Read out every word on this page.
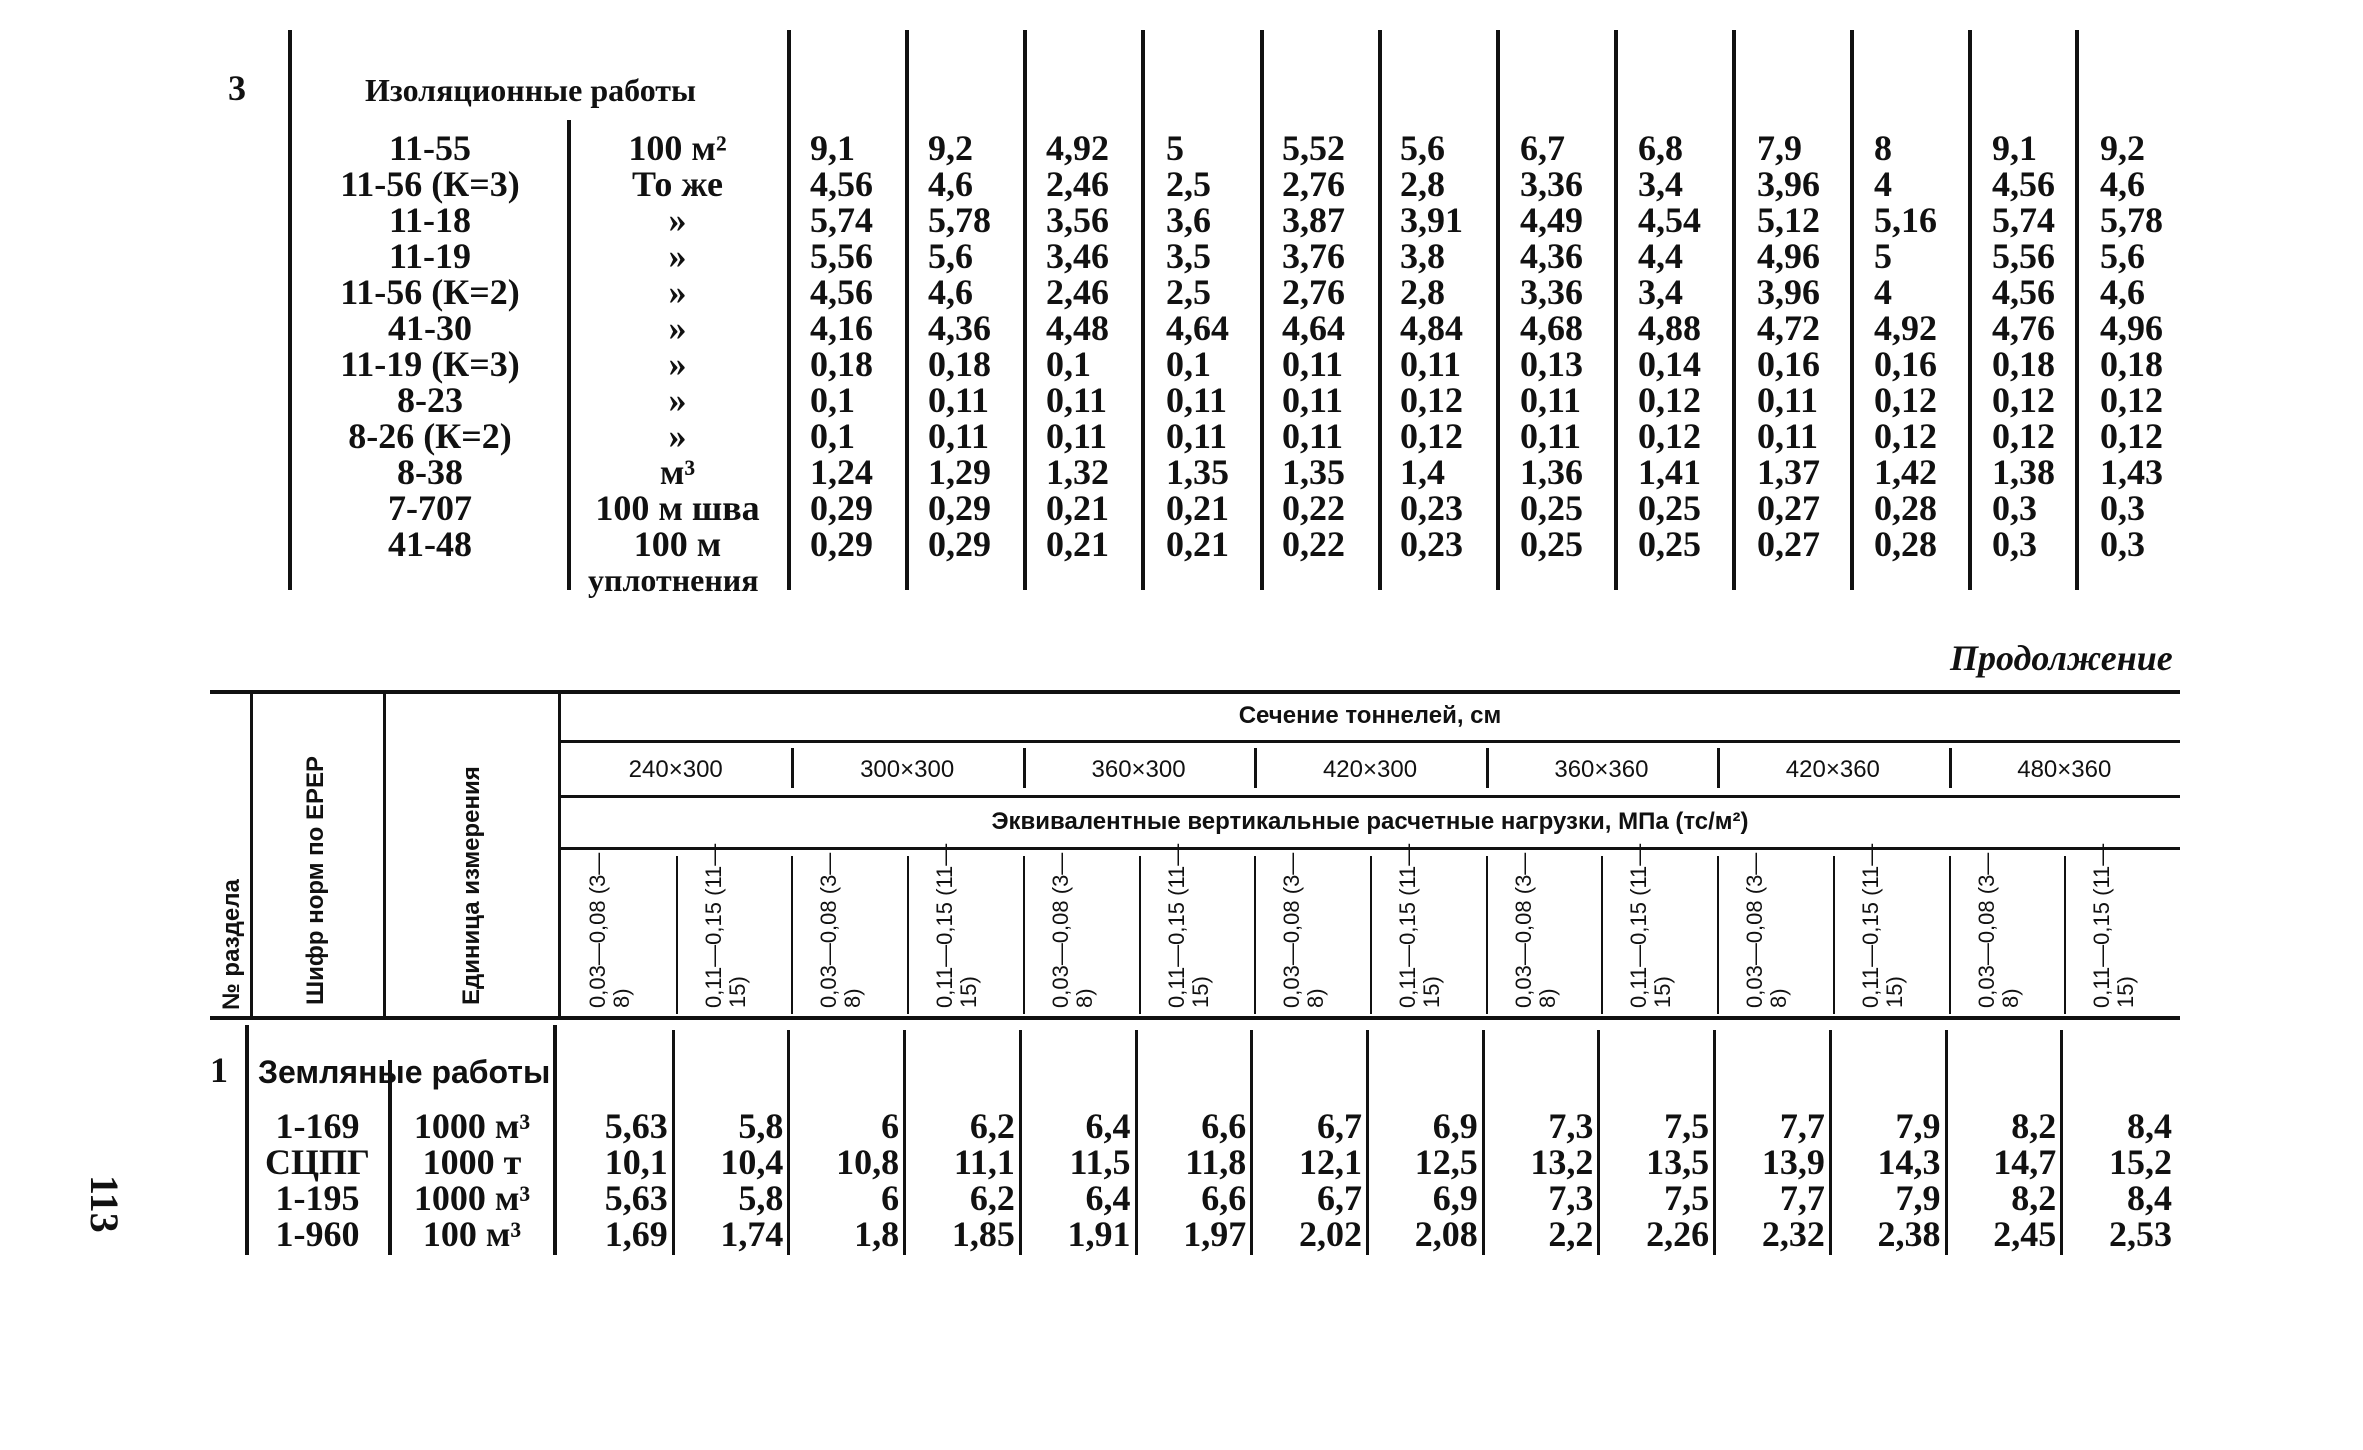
3	Изоляционные работы
11-55	100 м²	9,1 9,2 4,92 5	5,52 5,6 6,7 6,8 7,9 8	9,1 9,2
11-56 (К=3)	То же	4,56 4,6 2,46 2,5 2,76 2,8 3,36 3,4 3,96 4	4,56 4,6
11-18	»	5,74 5,78 3,56 3,6 3,87 3,91 4,49 4,54 5,12 5,16 5,74 5,78
11-19	»	5,56 5,6 3,46 3,5 3,76 3,8 4,36 4,4 4,96 5	5,56 5,6
11-56 (К=2)	»	4,56 4,6 2,46 2,5 2,76 2,8 3,36 3,4 3,96 4	4,56 4,6
41-30	»	4,16 4,36 4,48 4,64 4,64 4,84 4,68 4,88 4,72 4,92 4,76 4,96
11-19 (К=3)	»	0,18 0,18 0,1 0,1 0,11 0,11 0,13 0,14 0,16 0,16 0,18 0,18
8-23	»	0,1 0,11 0,11 0,11 0,11 0,12 0,11 0,12 0,11 0,12 0,12 0,12
8-26 (К=2)	»	0,1 0,11 0,11 0,11 0,11 0,12 0,11 0,12 0,11 0,12 0,12 0,12
8-38	м³	1,24 1,29 1,32 1,35 1,35 1,4 1,36 1,41 1,37 1,42 1,38 1,43
7-707	100 м шва	0,29 0,29 0,21 0,21 0,22 0,23 0,25 0,25 0,27 0,28 0,3 0,3
41-48	100 м	0,29 0,29 0,21 0,21 0,22 0,23 0,25 0,25 0,27 0,28 0,3 0,3
уплотнения
Продолжение
№ раздела Шифр норм по ЕРЕР	Единица измерения
Сечение тоннелей, см
Эквивалентные вертикальные расчетные нагрузки, МПа (тс/м²)
240×300	300×300	360×300	420×300	360×360	420×360	480×360
0,03—0,08 (3—8)	0,11—0,15 (11—15)	0,03—0,08 (3—8)	0,11—0,15 (11—15)	0,03—0,08 (3—8)	0,11—0,15 (11—15)	0,03—0,08 (3—8)	0,11—0,15 (11—15)	0,03—0,08 (3—8)	0,11—0,15 (11—15)	0,03—0,08 (3—8)	0,11—0,15 (11—15)	0,03—0,08 (3—8)	0,11—0,15 (11—15)
1 Земляные работы
1-169	1000 м³	5,63	5,8	6	6,2	6,4	6,6	6,7	6,9	7,3	7,5	7,7	7,9	8,2	8,4
СЦПГ	1000 т	10,1	10,4	10,8	11,1	11,5	11,8	12,1	12,5	13,2	13,5	13,9	14,3	14,7	15,2
1-195	1000 м³	5,63	5,8	6	6,2	6,4	6,6	6,7	6,9	7,3	7,5	7,7	7,9	8,2	8,4
1-960	100 м³	1,69	1,74	1,8	1,85	1,91	1,97	2,02	2,08	2,2	2,26	2,32	2,38	2,45	2,53
113
